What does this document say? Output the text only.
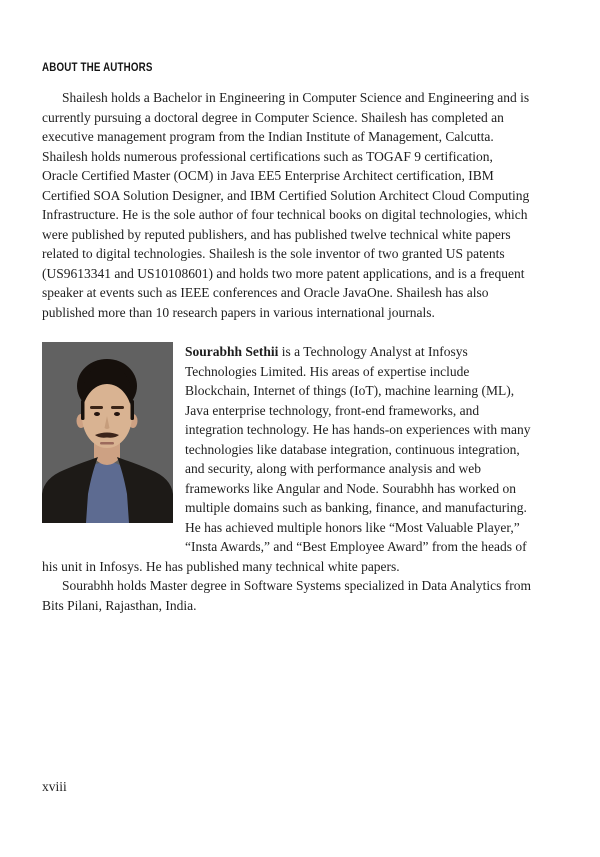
ABOUT THE AUTHORS

Shailesh holds a Bachelor in Engineering in Computer Science and Engineering and is currently pursuing a doctoral degree in Computer Science. Shailesh has completed an executive management program from the Indian Institute of Management, Calcutta. Shailesh holds numerous professional certifications such as TOGAF 9 certification, Oracle Certified Master (OCM) in Java EE5 Enterprise Architect certification, IBM Certified SOA Solution Designer, and IBM Certified Solution Architect Cloud Computing Infrastructure. He is the sole author of four technical books on digital technologies, which were published by reputed publishers, and has published twelve technical white papers related to digital technologies. Shailesh is the sole inventor of two granted US patents (US9613341 and US10108601) and holds two more patent applications, and is a frequent speaker at events such as IEEE conferences and Oracle JavaOne. Shailesh has also published more than 10 research papers in various international journals.

Sourabhh Sethii is a Technology Analyst at Infosys Technologies Limited. His areas of expertise include Blockchain, Internet of things (IoT), machine learning (ML), Java enterprise technology, front-end frameworks, and integration technology. He has hands-on experiences with many technologies like database integration, continuous integration, and security, along with performance analysis and web frameworks like Angular and Node. Sourabhh has worked on multiple domains such as banking, finance, and manufacturing. He has achieved multiple honors like “Most Valuable Player,” “Insta Awards,” and “Best Employee Award” from the heads of his unit in Infosys. He has published many technical white papers.

Sourabhh holds Master degree in Software Systems specialized in Data Analytics from Bits Pilani, Rajasthan, India.

xviii
